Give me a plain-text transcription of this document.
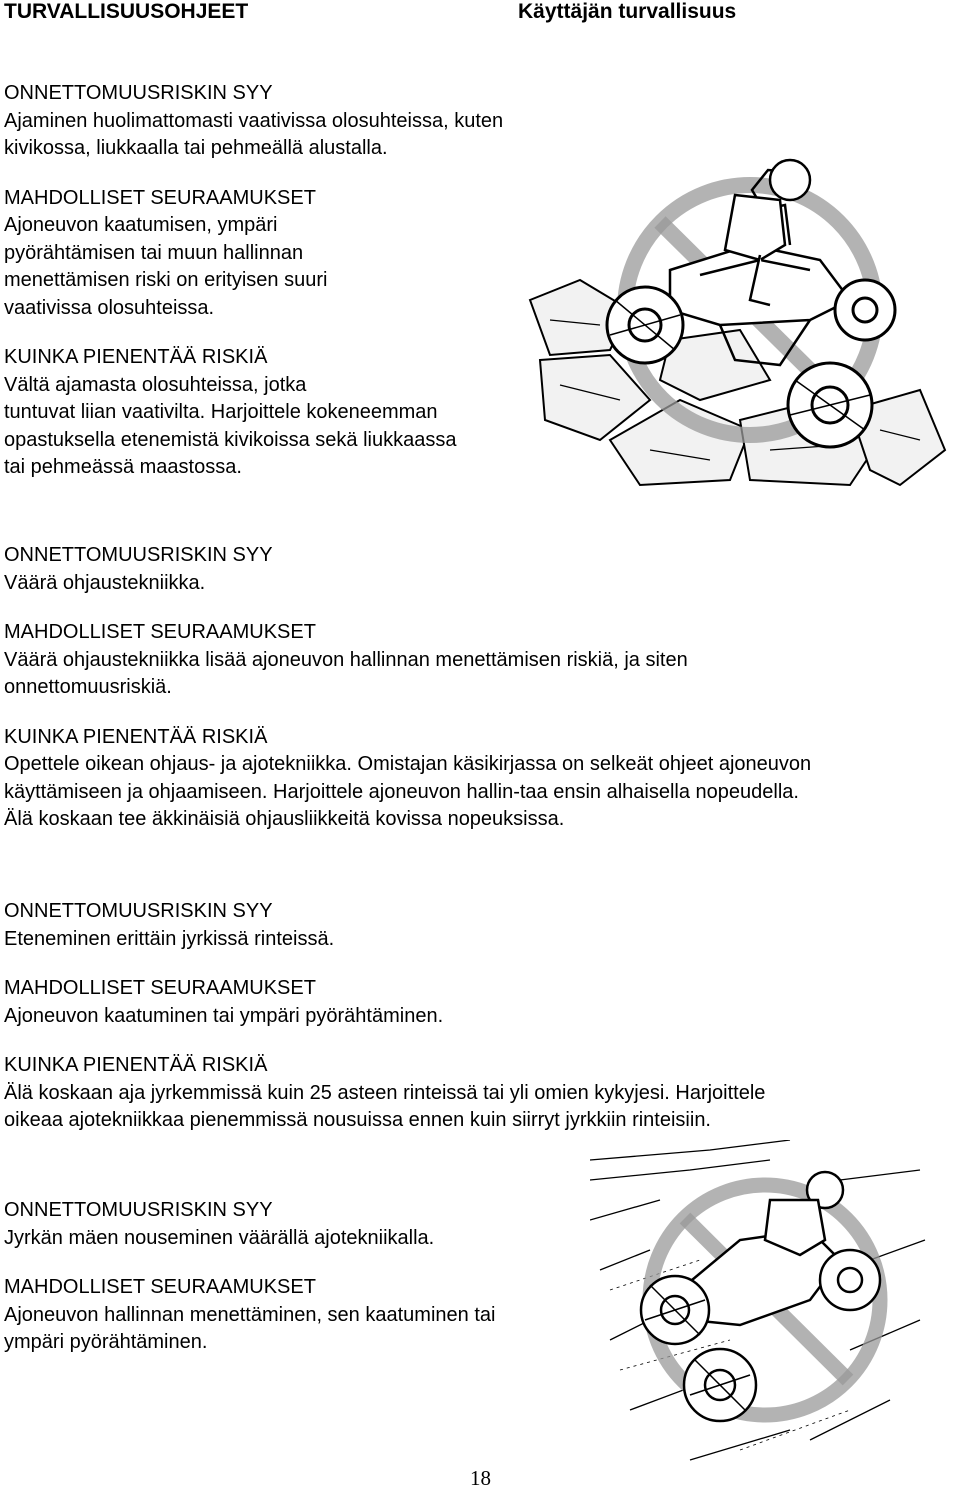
TURVALLISUUSOHJEET	Käyttäjän turvallisuus

ONNETTOMUUSRISKIN SYY

Ajaminen huolimattomasti vaativissa olosuhteissa, kuten

kivikossa, liukkaalla tai pehmeällä alustalla.

MAHDOLLISET SEURAAMUKSET

Ajoneuvon kaatumisen, ympäri

pyörähtämisen tai muun hallinnan

menettämisen riski on erityisen suuri

vaativissa olosuhteissa.

KUINKA PIENENTÄÄ RISKIÄ

Vältä ajamasta olosuhteissa, jotka

tuntuvat liian vaativilta. Harjoittele kokeneemman

opastuksella etenemistä kivikoissa sekä liukkaassa

tai pehmeässä maastossa.

ONNETTOMUUSRISKIN SYY

Väärä ohjaustekniikka.

MAHDOLLISET SEURAAMUKSET

Väärä ohjaustekniikka lisää ajoneuvon hallinnan menettämisen riskiä, ja siten

onnettomuusriskiä.

KUINKA PIENENTÄÄ RISKIÄ

Opettele oikean ohjaus- ja ajotekniikka. Omistajan käsikirjassa on selkeät ohjeet ajoneuvon

käyttämiseen ja ohjaamiseen. Harjoittele ajoneuvon hallin-taa ensin alhaisella nopeudella.

Älä koskaan tee äkkinäisiä ohjausliikkeitä kovissa nopeuksissa.

ONNETTOMUUSRISKIN SYY

Eteneminen erittäin jyrkissä rinteissä.

MAHDOLLISET SEURAAMUKSET

Ajoneuvon kaatuminen tai ympäri pyörähtäminen.

KUINKA PIENENTÄÄ RISKIÄ

Älä koskaan aja jyrkemmissä kuin 25 asteen rinteissä tai yli omien kykyjesi. Harjoittele

oikeaa ajotekniikkaa pienemmissä nousuissa ennen kuin siirryt jyrkkiin rinteisiin.

ONNETTOMUUSRISKIN SYY

Jyrkän mäen nouseminen väärällä ajotekniikalla.

MAHDOLLISET SEURAAMUKSET

Ajoneuvon hallinnan menettäminen, sen kaatuminen tai

ympäri pyörähtäminen.

18
